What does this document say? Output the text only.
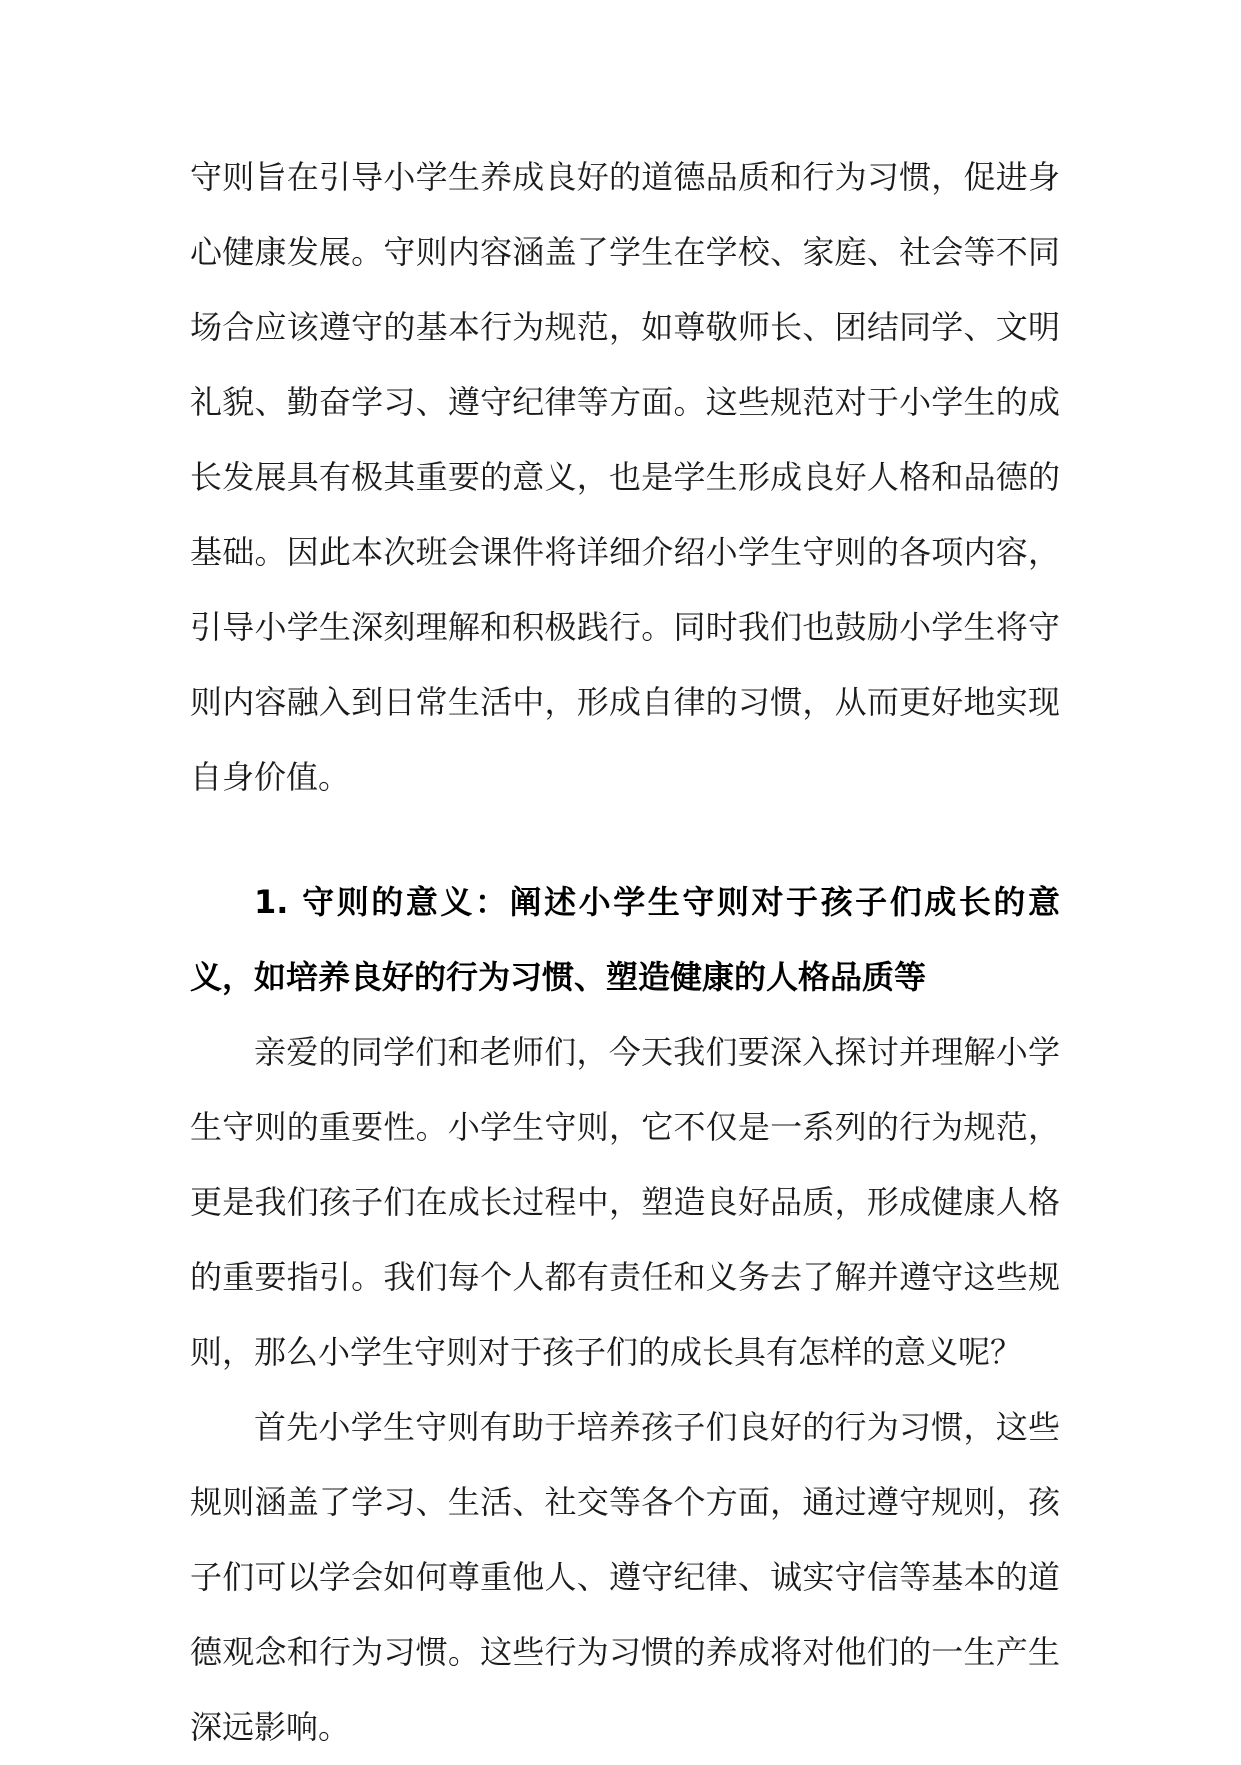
守则旨在引导小学生养成良好的道德品质和行为习惯，促进身心健康发展。守则内容涵盖了学生在学校、家庭、社会等不同场合应该遵守的基本行为规范，如尊敬师长、团结同学、文明礼貌、勤奋学习、遵守纪律等方面。这些规范对于小学生的成长发展具有极其重要的意义，也是学生形成良好人格和品德的基础。因此本次班会课件将详细介绍小学生守则的各项内容，引导小学生深刻理解和积极践行。同时我们也鼓励小学生将守则内容融入到日常生活中，形成自律的习惯，从而更好地实现自身价值。

1. 守则的意义：阐述小学生守则对于孩子们成长的意义，如培养良好的行为习惯、塑造健康的人格品质等

亲爱的同学们和老师们，今天我们要深入探讨并理解小学生守则的重要性。小学生守则，它不仅是一系列的行为规范，更是我们孩子们在成长过程中，塑造良好品质，形成健康人格的重要指引。我们每个人都有责任和义务去了解并遵守这些规则，那么小学生守则对于孩子们的成长具有怎样的意义呢？

首先小学生守则有助于培养孩子们良好的行为习惯，这些规则涵盖了学习、生活、社交等各个方面，通过遵守规则，孩子们可以学会如何尊重他人、遵守纪律、诚实守信等基本的道德观念和行为习惯。这些行为习惯的养成将对他们的一生产生深远影响。
